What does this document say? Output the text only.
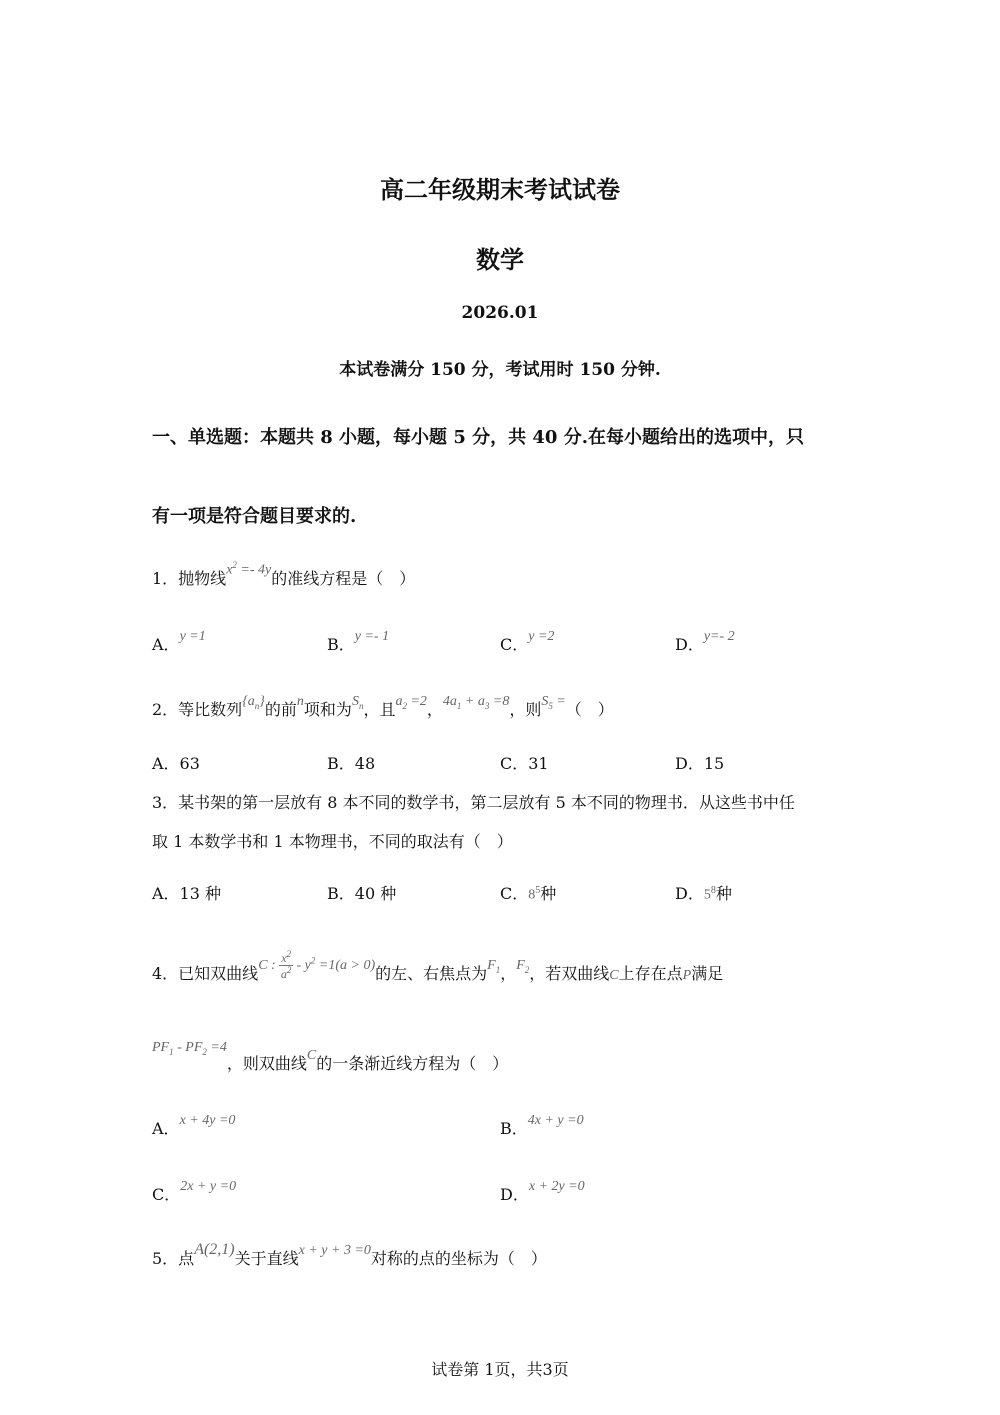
高二年级期末考试试卷
数学
2026.01
本试卷满分 150 分，考试用时 150 分钟.
一、单选题：本题共 8 小题，每小题 5 分，共 40 分.在每小题给出的选项中，只
有一项是符合题目要求的.
1．抛物线$x^2 =- 4y$的准线方程是（　）
A．y =1	B．y =- 1	C．y =2	D．y=- 2
2．等比数列$\{a_n\}$的前n项和为$S_n$，且$a_2 =2$，$4a_1 + a_3 =8$，则$S_5$ =（　）
A．63	B．48	C．31	D．15
3．某书架的第一层放有 8 本不同的数学书，第二层放有 5 本不同的物理书．从这些书中任
取 1 本数学书和 1 本物理书，不同的取法有（　）
A．13 种	B．40 种	C．$8^5$种	D．$5^8$种
4．已知双曲线C : $\frac{x^2}{a^2} - y^2 =1(a > 0)$的左、右焦点为$F_1$，$F_2$，若双曲线C上存在点P满足
$PF_1 - PF_2 =4$，则双曲线C的一条渐近线方程为（　）
A．x + 4y =0	B．4x + y =0
C．2x + y =0	D．x + 2y =0
5．点A(2,1)关于直线x + y + 3 =0对称的点的坐标为（　）
试卷第 1页，共3页
